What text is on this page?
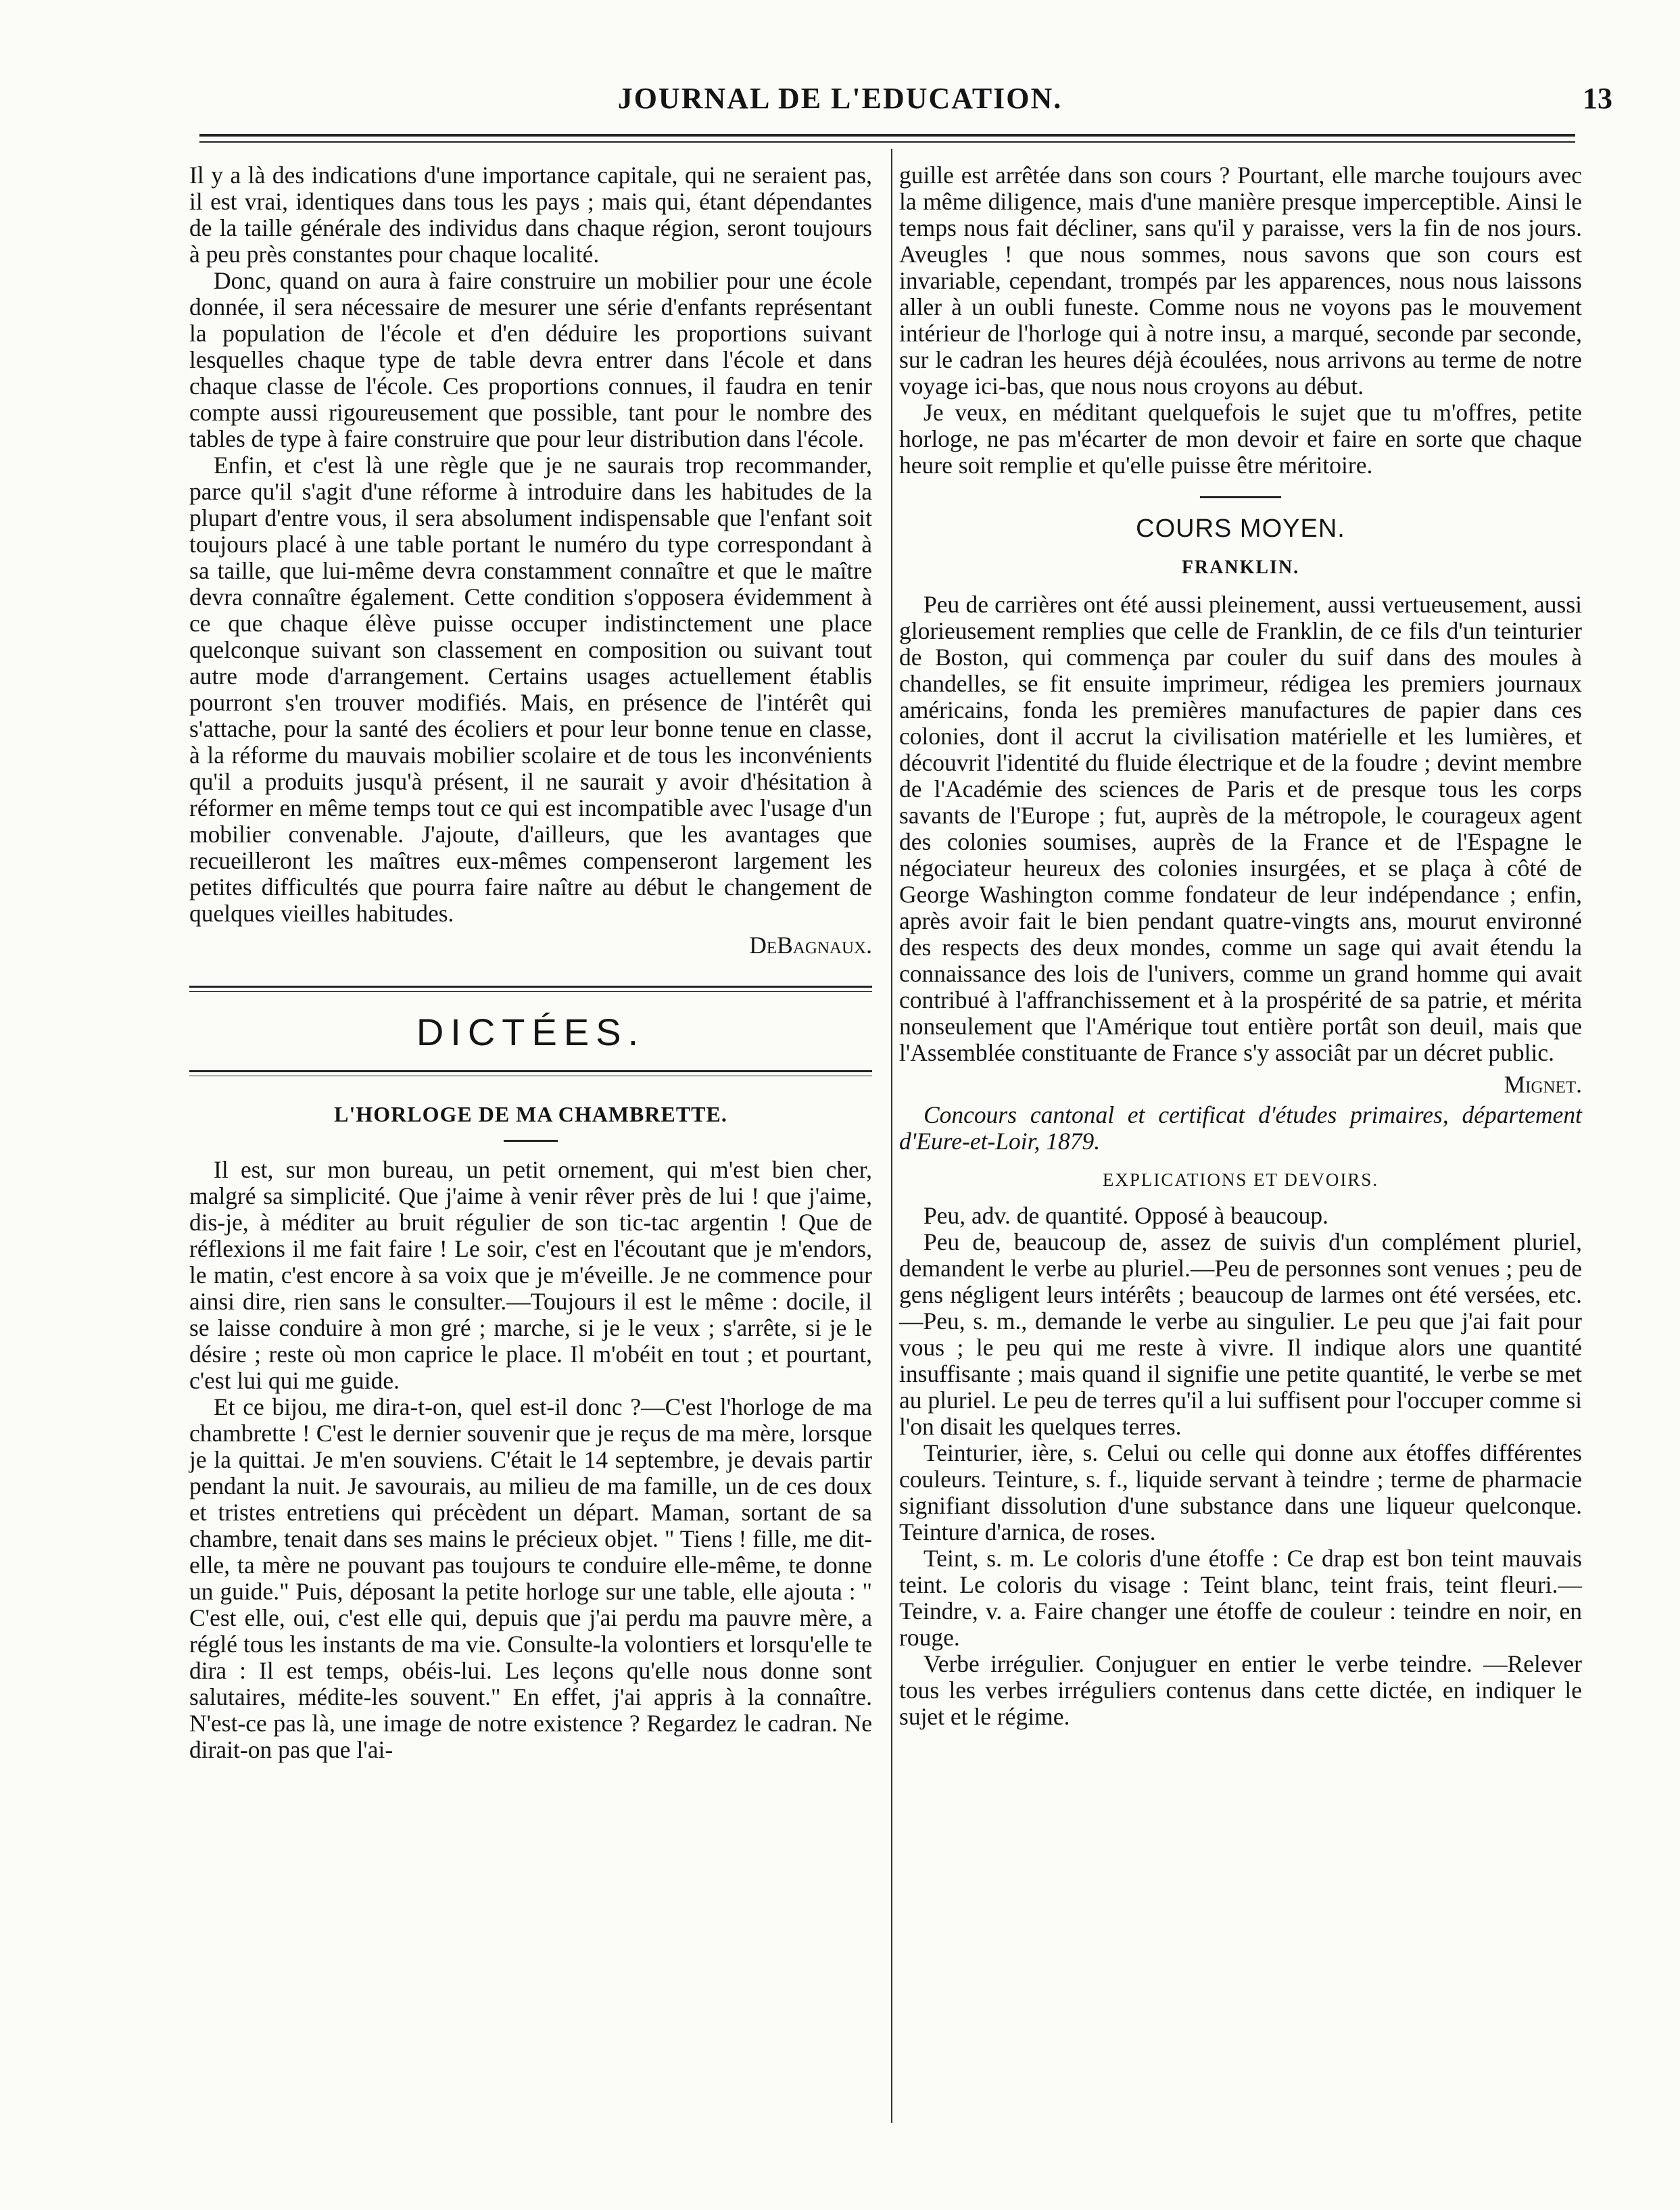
JOURNAL DE L'EDUCATION.	13

Il y a là des indications d'une importance capitale, qui ne seraient pas, il est vrai, identiques dans tous les pays ; mais qui, étant dépendantes de la taille générale des individus dans chaque région, seront toujours à peu près constantes pour chaque localité.

Donc, quand on aura à faire construire un mobilier pour une école donnée, il sera nécessaire de mesurer une série d'enfants représentant la population de l'école et d'en déduire les proportions suivant lesquelles chaque type de table devra entrer dans l'école et dans chaque classe de l'école. Ces proportions connues, il faudra en tenir compte aussi rigoureusement que possible, tant pour le nombre des tables de type à faire construire que pour leur distribution dans l'école.

Enfin, et c'est là une règle que je ne saurais trop recommander, parce qu'il s'agit d'une réforme à introduire dans les habitudes de la plupart d'entre vous, il sera absolument indispensable que l'enfant soit toujours placé à une table portant le numéro du type correspondant à sa taille, que lui-même devra constamment connaître et que le maître devra connaître également. Cette condition s'opposera évidemment à ce que chaque élève puisse occuper indistinctement une place quelconque suivant son classement en composition ou suivant tout autre mode d'arrangement. Certains usages actuellement établis pourront s'en trouver modifiés. Mais, en présence de l'intérêt qui s'attache, pour la santé des écoliers et pour leur bonne tenue en classe, à la réforme du mauvais mobilier scolaire et de tous les inconvénients qu'il a produits jusqu'à présent, il ne saurait y avoir d'hésitation à réformer en même temps tout ce qui est incompatible avec l'usage d'un mobilier convenable. J'ajoute, d'ailleurs, que les avantages que recueilleront les maîtres eux-mêmes compenseront largement les petites difficultés que pourra faire naître au début le changement de quelques vieilles habitudes.

DeBagnaux.

DICTÉES.
L'HORLOGE DE MA CHAMBRETTE.

Il est, sur mon bureau, un petit ornement, qui m'est bien cher, malgré sa simplicité. Que j'aime à venir rêver près de lui ! que j'aime, dis-je, à méditer au bruit régulier de son tic-tac argentin ! Que de réflexions il me fait faire ! Le soir, c'est en l'écoutant que je m'endors, le matin, c'est encore à sa voix que je m'éveille. Je ne commence pour ainsi dire, rien sans le consulter.—Toujours il est le même : docile, il se laisse conduire à mon gré ; marche, si je le veux ; s'arrête, si je le désire ; reste où mon caprice le place. Il m'obéit en tout ; et pourtant, c'est lui qui me guide.

Et ce bijou, me dira-t-on, quel est-il donc ?—C'est l'horloge de ma chambrette ! C'est le dernier souvenir que je reçus de ma mère, lorsque je la quittai. Je m'en souviens. C'était le 14 septembre, je devais partir pendant la nuit. Je savourais, au milieu de ma famille, un de ces doux et tristes entretiens qui précèdent un départ. Maman, sortant de sa chambre, tenait dans ses mains le précieux objet. " Tiens ! fille, me dit-elle, ta mère ne pouvant pas toujours te conduire elle-même, te donne un guide." Puis, déposant la petite horloge sur une table, elle ajouta : " C'est elle, oui, c'est elle qui, depuis que j'ai perdu ma pauvre mère, a réglé tous les instants de ma vie. Consulte-la volontiers et lorsqu'elle te dira : Il est temps, obéis-lui. Les leçons qu'elle nous donne sont salutaires, médite-les souvent." En effet, j'ai appris à la connaître. N'est-ce pas là, une image de notre existence ? Regardez le cadran. Ne dirait-on pas que l'ai-

guille est arrêtée dans son cours ? Pourtant, elle marche toujours avec la même diligence, mais d'une manière presque imperceptible. Ainsi le temps nous fait décliner, sans qu'il y paraisse, vers la fin de nos jours. Aveugles ! que nous sommes, nous savons que son cours est invariable, cependant, trompés par les apparences, nous nous laissons aller à un oubli funeste. Comme nous ne voyons pas le mouvement intérieur de l'horloge qui à notre insu, a marqué, seconde par seconde, sur le cadran les heures déjà écoulées, nous arrivons au terme de notre voyage ici-bas, que nous nous croyons au début.

Je veux, en méditant quelquefois le sujet que tu m'offres, petite horloge, ne pas m'écarter de mon devoir et faire en sorte que chaque heure soit remplie et qu'elle puisse être méritoire.

COURS MOYEN.
FRANKLIN.

Peu de carrières ont été aussi pleinement, aussi vertueusement, aussi glorieusement remplies que celle de Franklin, de ce fils d'un teinturier de Boston, qui commença par couler du suif dans des moules à chandelles, se fit ensuite imprimeur, rédigea les premiers journaux américains, fonda les premières manufactures de papier dans ces colonies, dont il accrut la civilisation matérielle et les lumières, et découvrit l'identité du fluide électrique et de la foudre ; devint membre de l'Académie des sciences de Paris et de presque tous les corps savants de l'Europe ; fut, auprès de la métropole, le courageux agent des colonies soumises, auprès de la France et de l'Espagne le négociateur heureux des colonies insurgées, et se plaça à côté de George Washington comme fondateur de leur indépendance ; enfin, après avoir fait le bien pendant quatre-vingts ans, mourut environné des respects des deux mondes, comme un sage qui avait étendu la connaissance des lois de l'univers, comme un grand homme qui avait contribué à l'affranchissement et à la prospérité de sa patrie, et mérita nonseulement que l'Amérique tout entière portât son deuil, mais que l'Assemblée constituante de France s'y associât par un décret public.

Mignet.

Concours cantonal et certificat d'études primaires, département d'Eure-et-Loir, 1879.

EXPLICATIONS ET DEVOIRS.

Peu, adv. de quantité. Opposé à beaucoup.

Peu de, beaucoup de, assez de suivis d'un complément pluriel, demandent le verbe au pluriel.—Peu de personnes sont venues ; peu de gens négligent leurs intérêts ; beaucoup de larmes ont été versées, etc.—Peu, s. m., demande le verbe au singulier. Le peu que j'ai fait pour vous ; le peu qui me reste à vivre. Il indique alors une quantité insuffisante ; mais quand il signifie une petite quantité, le verbe se met au pluriel. Le peu de terres qu'il a lui suffisent pour l'occuper comme si l'on disait les quelques terres.

Teinturier, ière, s. Celui ou celle qui donne aux étoffes différentes couleurs. Teinture, s. f., liquide servant à teindre ; terme de pharmacie signifiant dissolution d'une substance dans une liqueur quelconque. Teinture d'arnica, de roses.

Teint, s. m. Le coloris d'une étoffe : Ce drap est bon teint mauvais teint. Le coloris du visage : Teint blanc, teint frais, teint fleuri.—Teindre, v. a. Faire changer une étoffe de couleur : teindre en noir, en rouge.

Verbe irrégulier. Conjuguer en entier le verbe teindre. —Relever tous les verbes irréguliers contenus dans cette dictée, en indiquer le sujet et le régime.
